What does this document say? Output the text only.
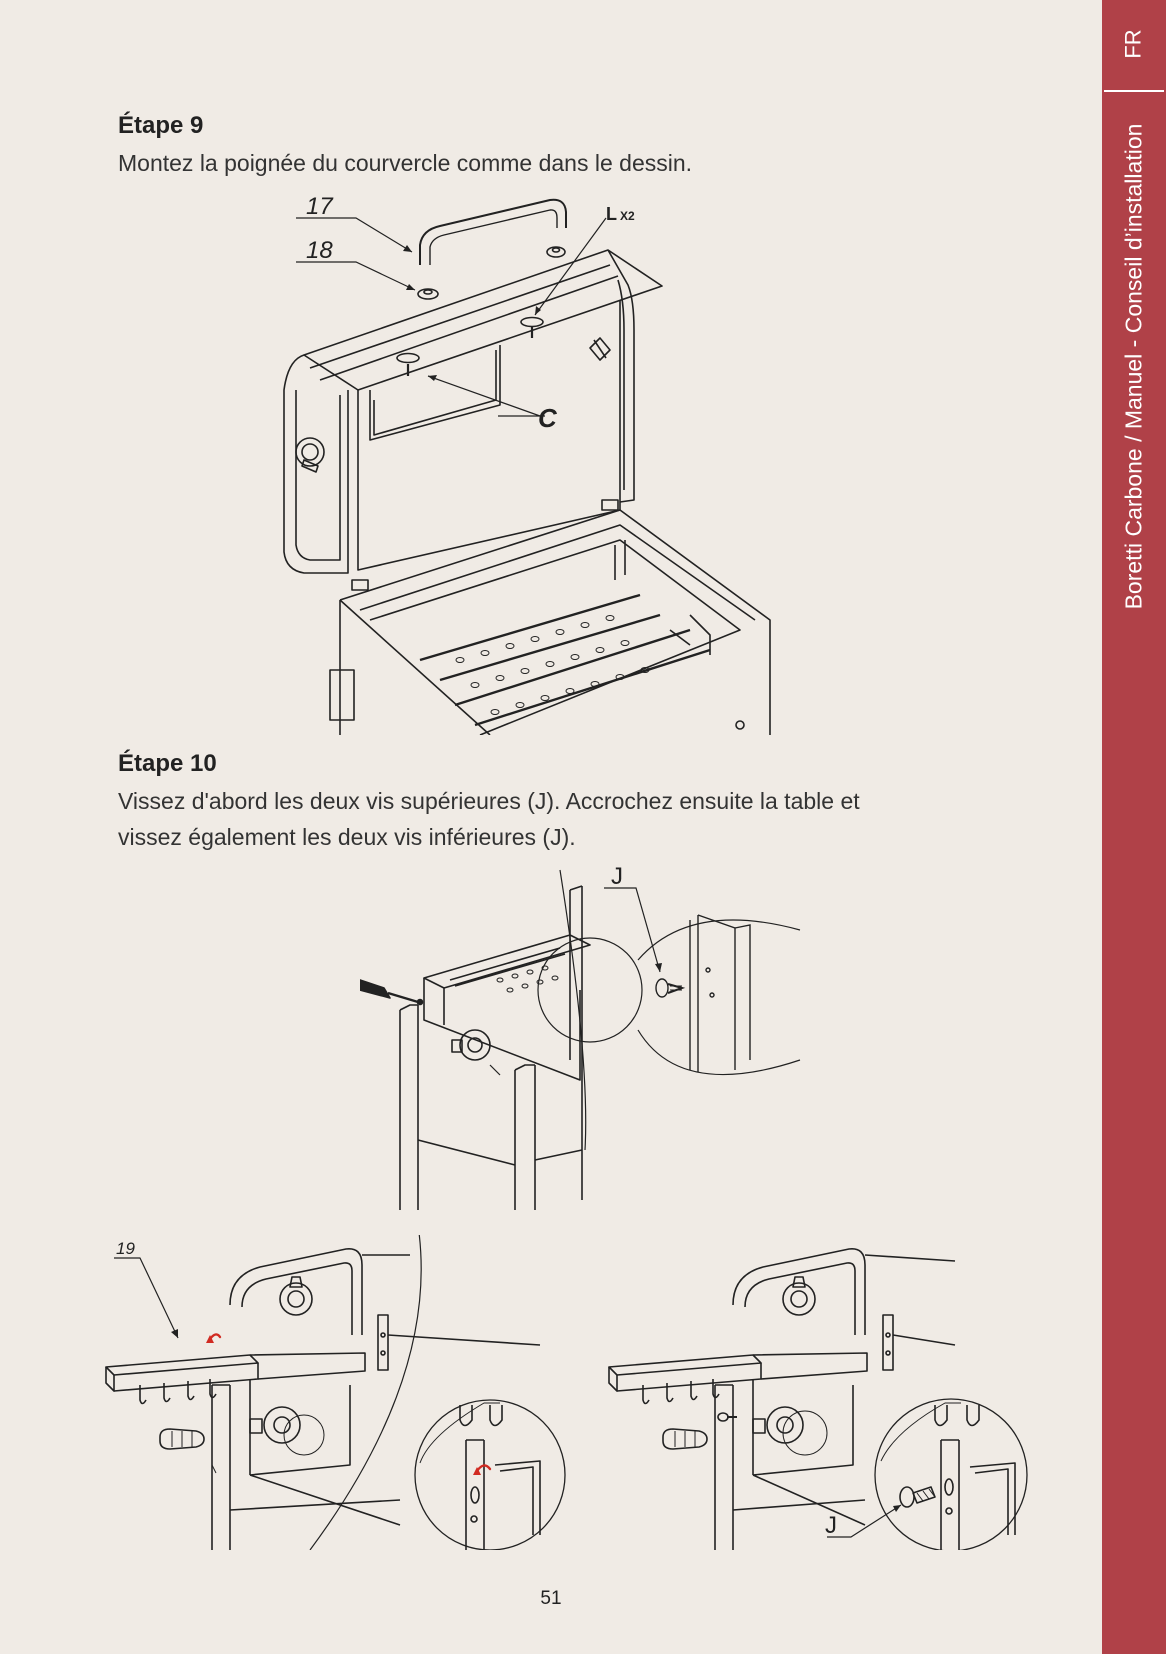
FR
Boretti Carbone / Manuel - Conseil d’installation
Étape 9
Montez la poignée du courvercle comme dans le dessin.
17
18
L X2
C
Étape 10
Vissez d'abord les deux vis supérieures (J). Accrochez ensuite la table et
vissez également les deux vis inférieures (J).
J
19
J
51
